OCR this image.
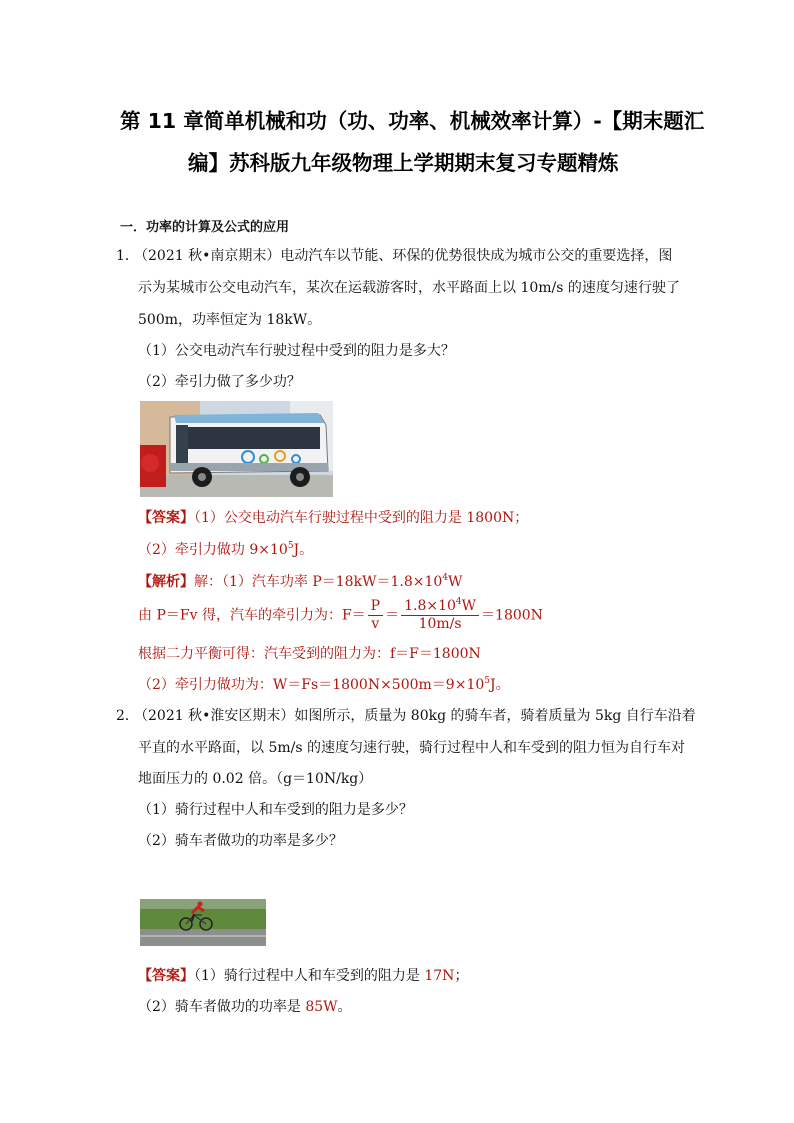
第 11 章简单机械和功（功、功率、机械效率计算）-【期末题汇
编】苏科版九年级物理上学期期末复习专题精炼
一．功率的计算及公式的应用
1．
（2021 秋•南京期末）电动汽车以节能、环保的优势很快成为城市公交的重要选择，图
示为某城市公交电动汽车，某次在运载游客时，水平路面上以 10m/s 的速度匀速行驶了
500m，功率恒定为 18kW。
（1）公交电动汽车行驶过程中受到的阻力是多大？
（2）牵引力做了多少功？
【答案】（1）公交电动汽车行驶过程中受到的阻力是 1800N；
（2）牵引力做功 $9\times 10^5J$。
【解析】解：（1）汽车功率 $P=18kW=1.8\times 10^4W$
由 P＝Fv 得，汽车的牵引力为：$F= \frac{P}{v} = \frac{1.8\times 10^4W}{10m/s} =1800N$
根据二力平衡可得：汽车受到的阻力为：f＝F＝1800N
（2）牵引力做功为：$W=Fs=1800N\times 500m=9\times 10^5J$。
2．
（2021 秋•淮安区期末）如图所示，质量为 80kg 的骑车者，骑着质量为 5kg 自行车沿着
平直的水平路面，以 5m/s 的速度匀速行驶，骑行过程中人和车受到的阻力恒为自行车对
地面压力的 0.02 倍。（g＝10N/kg）
（1）骑行过程中人和车受到的阻力是多少？
（2）骑车者做功的功率是多少？
【答案】（1）骑行过程中人和车受到的阻力是 17N；
（2）骑车者做功的功率是 85W。
